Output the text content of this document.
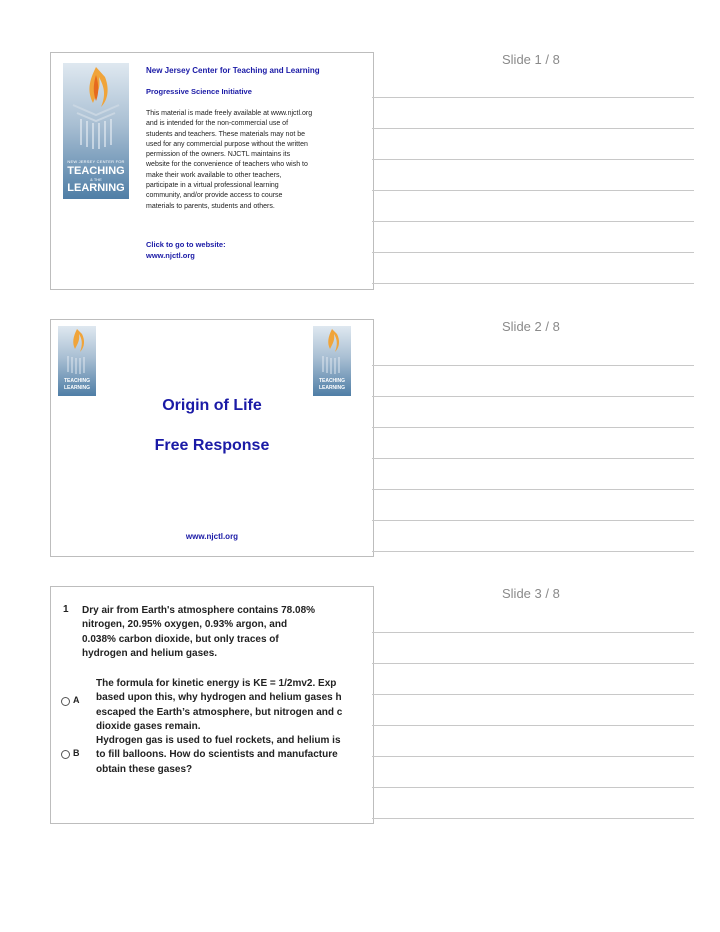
NEW JERSEY CENTER FOR
TEACHING
& THE
LEARNING
New Jersey Center for Teaching and Learning
Progressive Science Initiative
This material is made freely available at www.njctl.org
and is intended for the non-commercial use of
students and teachers. These materials may not be
used for any commercial purpose without the written
permission of the owners. NJCTL maintains its
website for the convenience of teachers who wish to
make their work available to other teachers,
participate in a virtual professional learning
community, and/or provide access to course
materials to parents, students and others.
Click to go to website:
www.njctl.org
Slide 1 / 8
TEACHING
LEARNING
TEACHING
LEARNING
Origin of Life
Free Response
www.njctl.org
Slide 2 / 8
1 Dry air from Earth's atmosphere contains 78.08%
nitrogen, 20.95% oxygen, 0.93% argon, and
0.038% carbon dioxide, but only traces of
hydrogen and helium gases.
A
The formula for kinetic energy is KE = 1/2mv2. Exp
based upon this, why hydrogen and helium gases h
escaped the Earth’s atmosphere, but nitrogen and c
dioxide gases remain.
B
Hydrogen gas is used to fuel rockets, and helium is
to fill balloons. How do scientists and manufacture
obtain these gases?
Slide 3 / 8
